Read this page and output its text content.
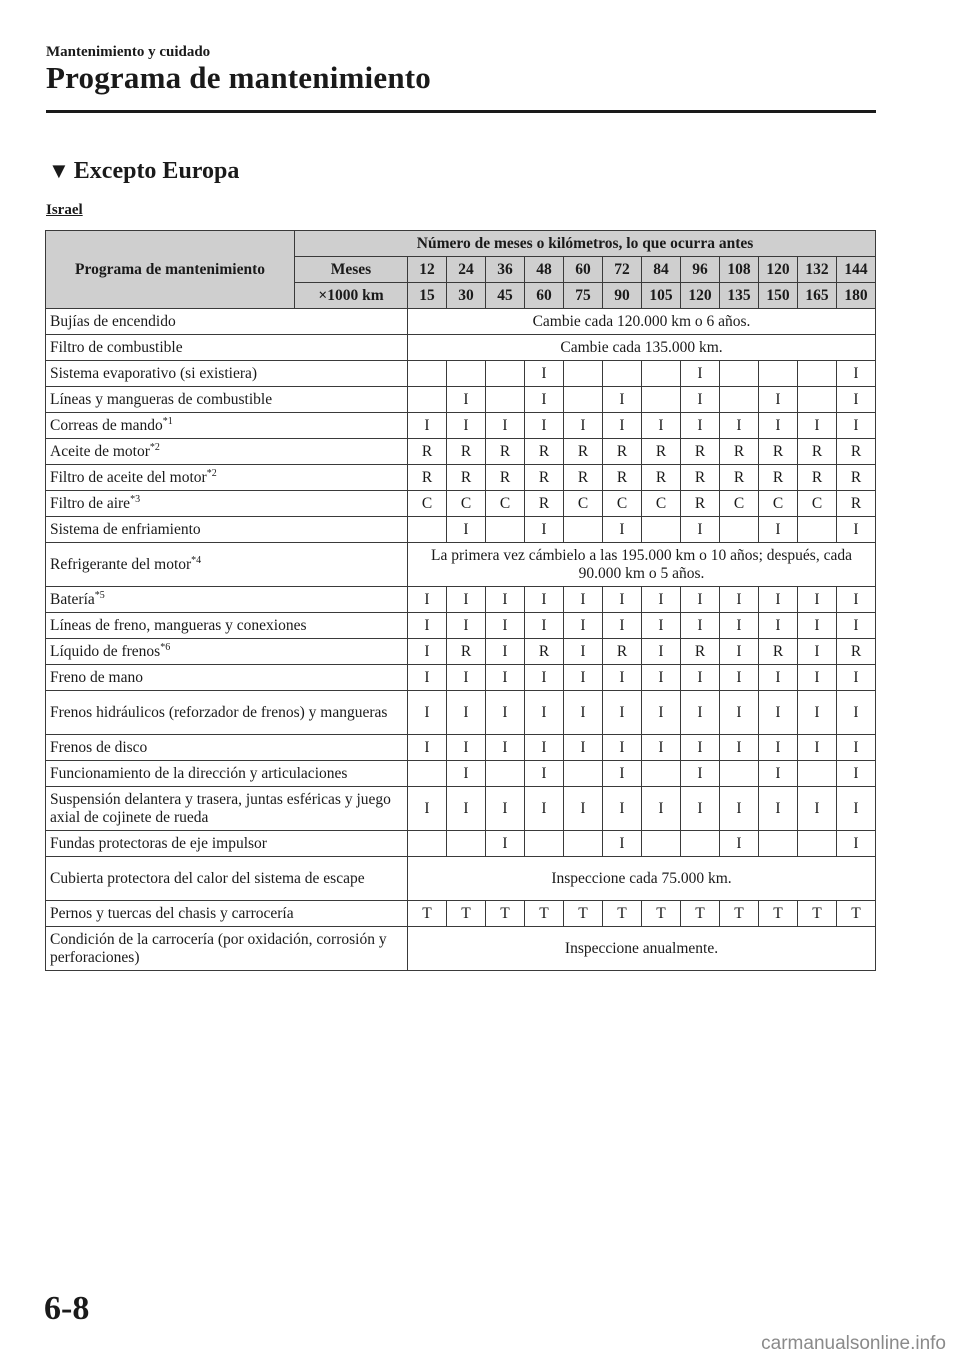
Mantenimiento y cuidado
Programa de mantenimiento
▼ Excepto Europa
Israel
Programa de mantenimiento	Número de meses o kilómetros, lo que ocurra antes												
	Meses	12	24	36	48	60	72	84	96	108	120	132	144
	×1000 km	15	30	45	60	75	90	105	120	135	150	165	180
Bujías de encendido		Cambie cada 120.000 km o 6 años.											
Filtro de combustible		Cambie cada 135.000 km.											
Sistema evaporativo (si existiera)					I				I				I
Líneas y mangueras de combustible			I		I		I		I		I		I
Correas de mando$^{*1}$		I	I	I	I	I	I	I	I	I	I	I	I
Aceite de motor$^{*2}$		R	R	R	R	R	R	R	R	R	R	R	R
Filtro de aceite del motor$^{*2}$		R	R	R	R	R	R	R	R	R	R	R	R
Filtro de aire$^{*3}$		C	C	C	R	C	C	C	R	C	C	C	R
Sistema de enfriamiento			I		I		I		I		I		I
Refrigerante del motor$^{*4}$		La primera vez cámbielo a las 195.000 km o 10 años; después, cada 90.000 km o 5 años.											
Batería$^{*5}$		I	I	I	I	I	I	I	I	I	I	I	I
Líneas de freno, mangueras y conexiones		I	I	I	I	I	I	I	I	I	I	I	I
Líquido de frenos$^{*6}$		I	R	I	R	I	R	I	R	I	R	I	R
Freno de mano		I	I	I	I	I	I	I	I	I	I	I	I
Frenos hidráulicos (reforzador de frenos) y mangueras		I	I	I	I	I	I	I	I	I	I	I	I
Frenos de disco		I	I	I	I	I	I	I	I	I	I	I	I
Funcionamiento de la dirección y articulaciones			I		I		I		I		I		I
Suspensión delantera y trasera, juntas esféricas y juego axial de cojinete de rueda		I	I	I	I	I	I	I	I	I	I	I	I
Fundas protectoras de eje impulsor				I			I			I			I
Cubierta protectora del calor del sistema de escape		Inspeccione cada 75.000 km.											
Pernos y tuercas del chasis y carrocería		T	T	T	T	T	T	T	T	T	T	T	T
Condición de la carrocería (por oxidación, corrosión y perforaciones)		Inspeccione anualmente.											
6-8
carmanualsonline.info
